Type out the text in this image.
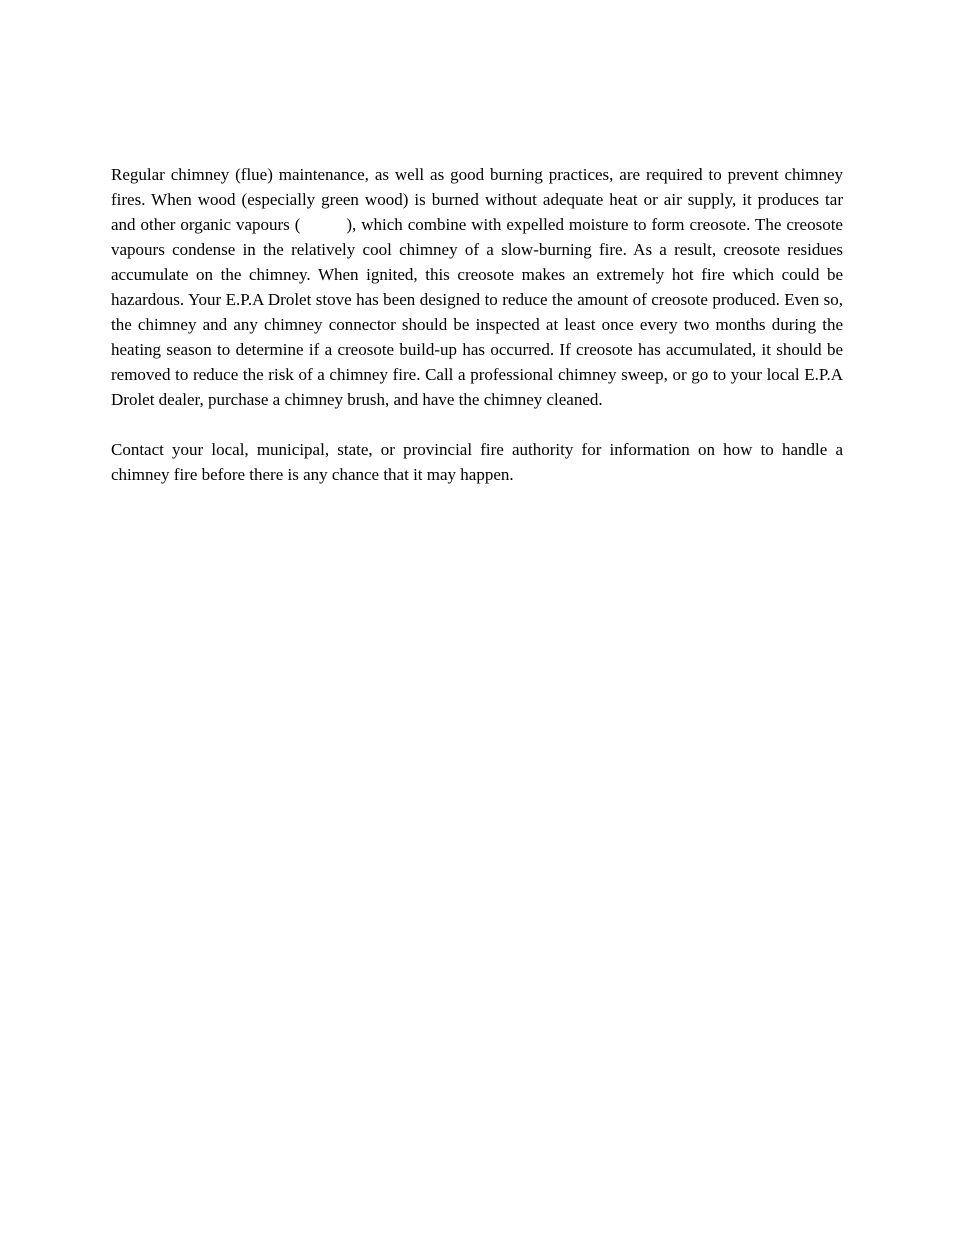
Regular chimney (flue) maintenance, as well as good burning practices, are required to prevent chimney fires. When wood (especially green wood) is burned without adequate heat or air supply, it produces tar and other organic vapours (	), which combine with expelled moisture to form creosote. The creosote vapours condense in the relatively cool chimney of a slow-burning fire. As a result, creosote residues accumulate on the chimney. When ignited, this creosote makes an extremely hot fire which could be hazardous. Your E.P.A Drolet stove has been designed to reduce the amount of creosote produced. Even so, the chimney and any chimney connector should be inspected at least once every two months during the heating season to determine if a creosote build-up has occurred. If creosote has accumulated, it should be removed to reduce the risk of a chimney fire. Call a professional chimney sweep, or go to your local E.P.A Drolet dealer, purchase a chimney brush, and have the chimney cleaned.

Contact your local, municipal, state, or provincial fire authority for information on how to handle a chimney fire before there is any chance that it may happen.
